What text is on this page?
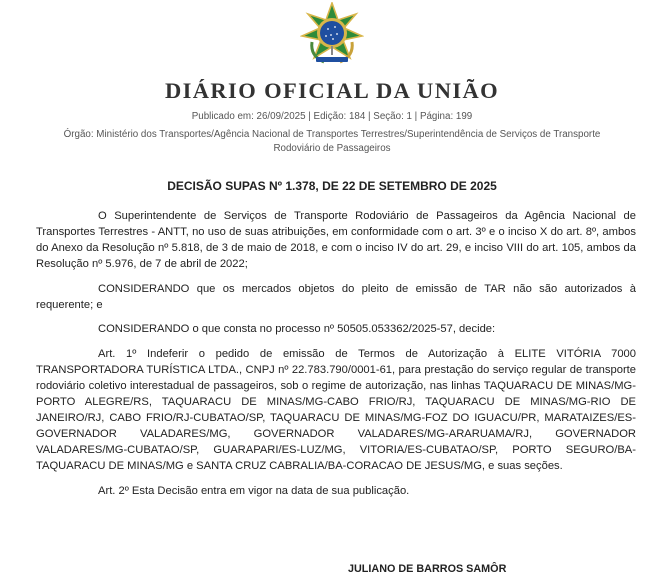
DIÁRIO OFICIAL DA UNIÃO
Publicado em: 26/09/2025 | Edição: 184 | Seção: 1 | Página: 199
Órgão: Ministério dos Transportes/Agência Nacional de Transportes Terrestres/Superintendência de Serviços de Transporte Rodoviário de Passageiros
DECISÃO SUPAS Nº 1.378, DE 22 DE SETEMBRO DE 2025

O Superintendente de Serviços de Transporte Rodoviário de Passageiros da Agência Nacional de Transportes Terrestres - ANTT, no uso de suas atribuições, em conformidade com o art. 3º e o inciso X do art. 8º, ambos do Anexo da Resolução nº 5.818, de 3 de maio de 2018, e com o inciso IV do art. 29, e inciso VIII do art. 105, ambos da Resolução nº 5.976, de 7 de abril de 2022;

CONSIDERANDO que os mercados objetos do pleito de emissão de TAR não são autorizados à requerente; e

CONSIDERANDO o que consta no processo nº 50505.053362/2025-57, decide:

Art. 1º Indeferir o pedido de emissão de Termos de Autorização à ELITE VITÓRIA 7000 TRANSPORTADORA TURÍSTICA LTDA., CNPJ nº 22.783.790/0001-61, para prestação do serviço regular de transporte rodoviário coletivo interestadual de passageiros, sob o regime de autorização, nas linhas TAQUARACU DE MINAS/MG-PORTO ALEGRE/RS, TAQUARACU DE MINAS/MG-CABO FRIO/RJ, TAQUARACU DE MINAS/MG-RIO DE JANEIRO/RJ, CABO FRIO/RJ-CUBATAO/SP, TAQUARACU DE MINAS/MG-FOZ DO IGUACU/PR, MARATAIZES/ES-GOVERNADOR VALADARES/MG, GOVERNADOR VALADARES/MG-ARARUAMA/RJ, GOVERNADOR VALADARES/MG-CUBATAO/SP, GUARAPARI/ES-LUZ/MG, VITORIA/ES-CUBATAO/SP, PORTO SEGURO/BA-TAQUARACU DE MINAS/MG e SANTA CRUZ CABRALIA/BA-CORACAO DE JESUS/MG, e suas seções.

Art. 2º Esta Decisão entra em vigor na data de sua publicação.

JULIANO DE BARROS SAMÔR
